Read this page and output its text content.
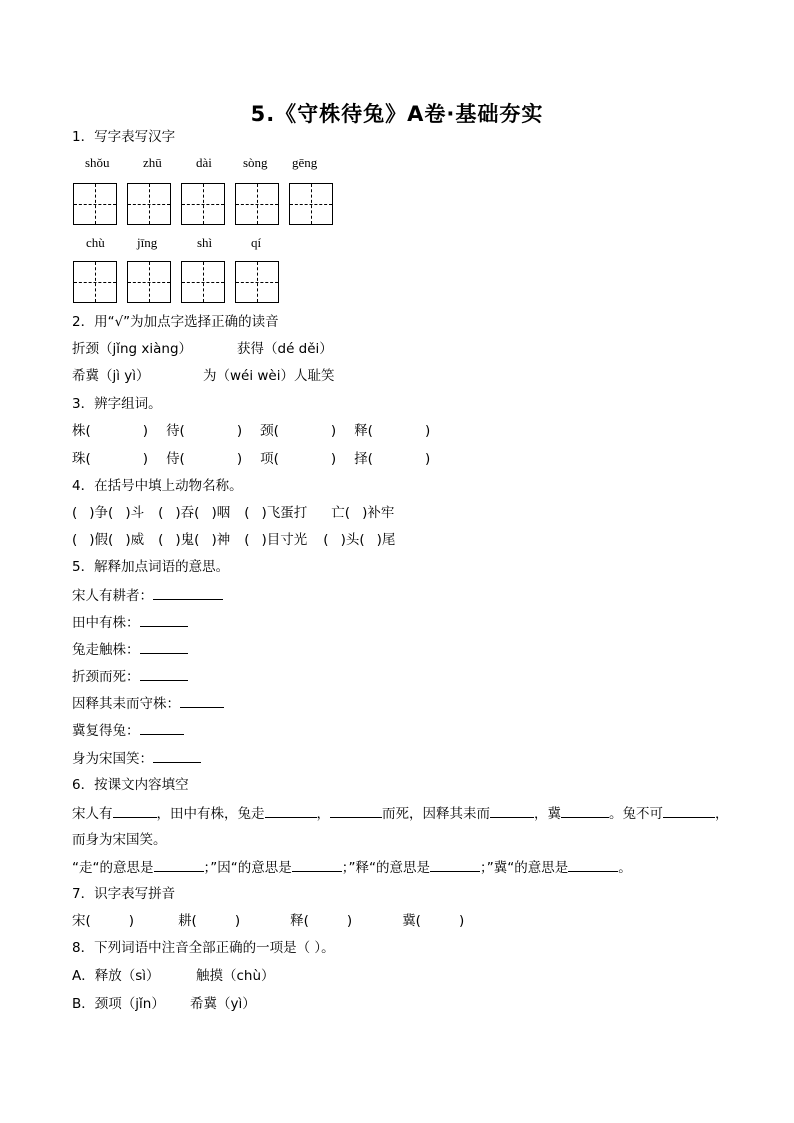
5.《守株待兔》A卷·基础夯实
1．写字表写汉字
shǒu	zhū	dài sòng gēng
chù jīng	shì	qí
2．用“√”为加点字选择正确的读音
折颈（jǐng xiàng）	获得（dé děi）
希冀（jì yì）	为（wéi wèi）人耻笑
3．辨字组词。
株(	) 待(	) 颈(	) 释(	)
珠(	) 侍(	) 项(	) 择(	)
4．在括号中填上动物名称。
( )争( )斗 ( )吞( )咽 ( )飞蛋打 亡( )补牢
( )假( )威 ( )鬼( )神 ( )目寸光 ( )头( )尾
5．解释加点词语的意思。
宋人有耕者：
田中有株：
兔走触株：
折颈而死：
因释其耒而守株：
冀复得兔：
身为宋国笑：
6．按课文内容填空
宋人有	，田中有株，兔走	，	而死，因释其耒而	，冀	。兔不可	，
而身为宋国笑。
“走“的意思是	；”因“的意思是	；”释“的意思是	；”冀“的意思是	。
7．识字表写拼音
宋(	)	耕(	)	释(	)	冀(	)
8．下列词语中注音全部正确的一项是（ ）。
A．释放（sì）	触摸（chù）
B．颈项（jǐn） 希冀（yì）
